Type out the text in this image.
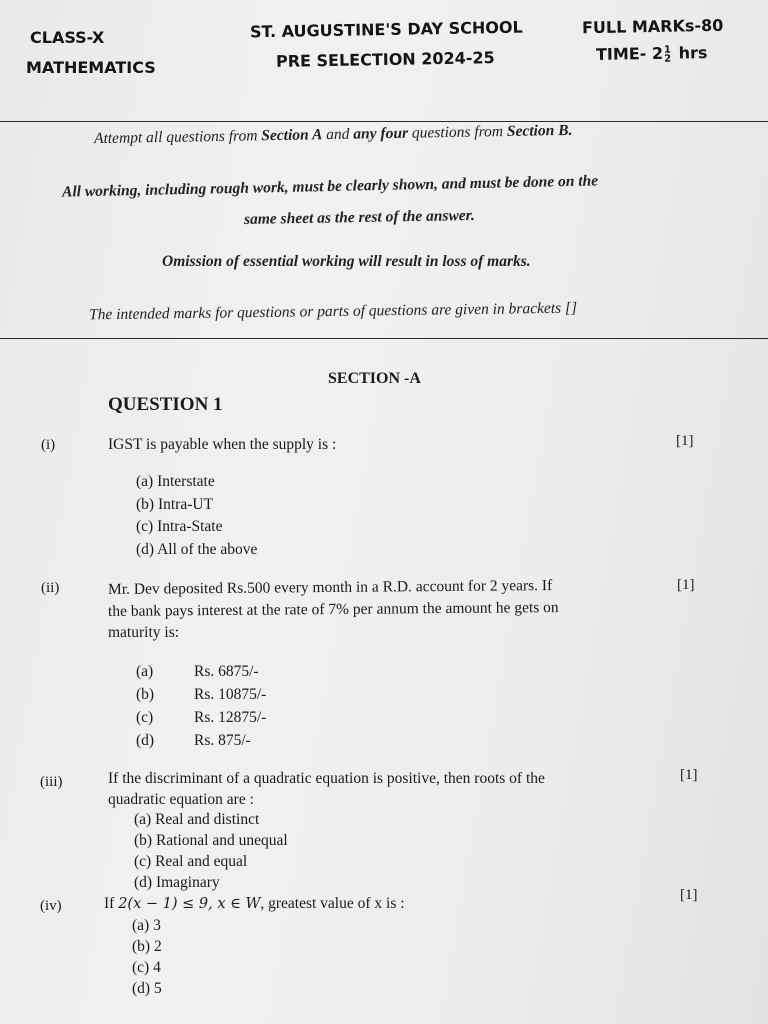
CLASS-X
MATHEMATICS
ST. AUGUSTINE'S DAY SCHOOL
PRE SELECTION 2024-25
FULL MARKs-80
TIME- 2 1
2 hrs
Attempt all questions from Section A and any four questions from Section B.
All working, including rough work, must be clearly shown, and must be done on the
same sheet as the rest of the answer.
Omission of essential working will result in loss of marks.
The intended marks for questions or parts of questions are given in brackets []
SECTION -A
QUESTION 1
(i)	IGST is payable when the supply is :	[1]
(a) Interstate
(b) Intra-UT
(c) Intra-State
(d) All of the above
(ii)	Mr. Dev deposited Rs.500 every month in a R.D. account for 2 years. If
the bank pays interest at the rate of 7% per annum the amount he gets on
maturity is:
[1]
(a)	Rs. 6875/-
(b)	Rs. 10875/-
(c)	Rs. 12875/-
(d)	Rs. 875/-
(iii)	If the discriminant of a quadratic equation is positive, then roots of the
quadratic equation are :
[1]
(a) Real and distinct
(b) Rational and unequal
(c) Real and equal
(d) Imaginary
(iv)	If 2(x − 1) ≤ 9, x ∈ W, greatest value of x is :	[1]
(a) 3
(b) 2
(c) 4
(d) 5
